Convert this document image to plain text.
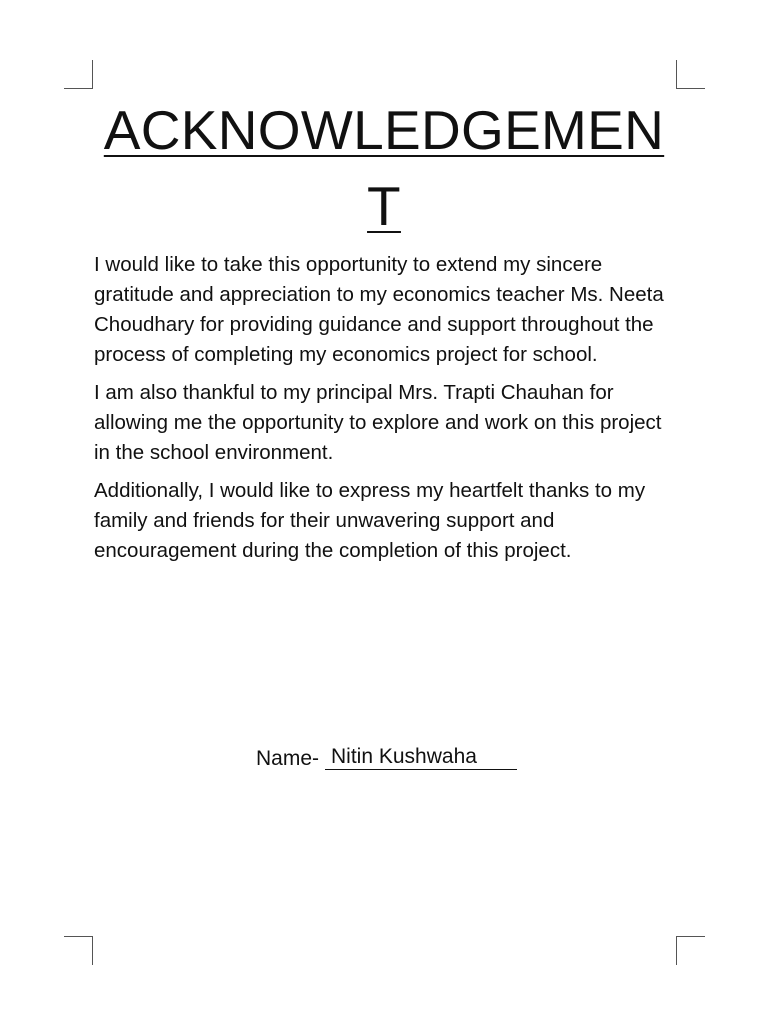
ACKNOWLEDGEMENT

I would like to take this opportunity to extend my sincere gratitude and appreciation to my economics teacher Ms. Neeta Choudhary for providing guidance and support throughout the process of completing my economics project for school.

I am also thankful to my principal Mrs. Trapti Chauhan for allowing me the opportunity to explore and work on this project in the school environment.

Additionally, I would like to express my heartfelt thanks to my family and friends for their unwavering support and encouragement during the completion of this project.

Name- Nitin Kushwaha
